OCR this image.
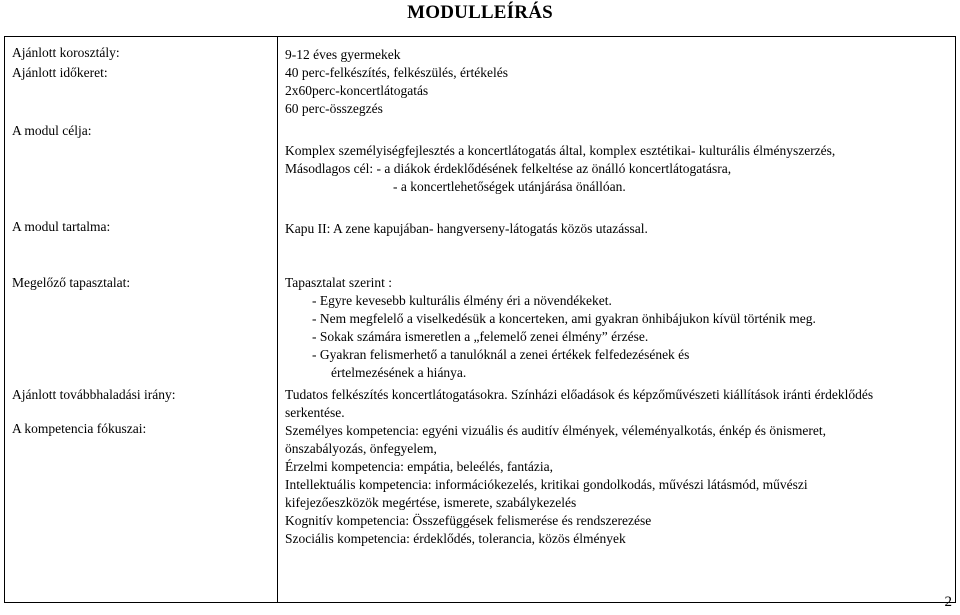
MODULLEÍRÁS
Ajánlott korosztály:
Ajánlott időkeret:
A modul célja:
A modul tartalma:
Megelőző tapasztalat:
Ajánlott továbbhaladási irány:
A kompetencia fókuszai:
9-12 éves gyermekek
40 perc-felkészítés, felkészülés, értékelés
2x60perc-koncertlátogatás
60 perc-összegzés
Komplex személyiségfejlesztés a koncertlátogatás által, komplex esztétikai- kulturális élményszerzés,
Másodlagos cél: - a diákok érdeklődésének felkeltése az önálló koncertlátogatásra,
- a koncertlehetőségek utánjárása önállóan.
Kapu II: A zene kapujában- hangverseny-látogatás közös utazással.
Tapasztalat szerint :
- Egyre kevesebb kulturális élmény éri a növendékeket.
- Nem megfelelő a viselkedésük a koncerteken, ami gyakran önhibájukon kívül történik meg.
- Sokak számára ismeretlen a „felemelő zenei élmény” érzése.
- Gyakran felismerhető a tanulóknál a zenei értékek felfedezésének és
értelmezésének a hiánya.
Tudatos felkészítés koncertlátogatásokra. Színházi előadások és képzőművészeti kiállítások iránti érdeklődés
serkentése.
Személyes kompetencia: egyéni vizuális és auditív élmények, véleményalkotás, énkép és önismeret,
önszabályozás, önfegyelem,
Érzelmi kompetencia: empátia, beleélés, fantázia,
Intellektuális kompetencia: információkezelés, kritikai gondolkodás, művészi látásmód, művészi
kifejezőeszközök megértése, ismerete, szabálykezelés
Kognitív kompetencia: Összefüggések felismerése és rendszerezése
Szociális kompetencia: érdeklődés, tolerancia, közös élmények
2
